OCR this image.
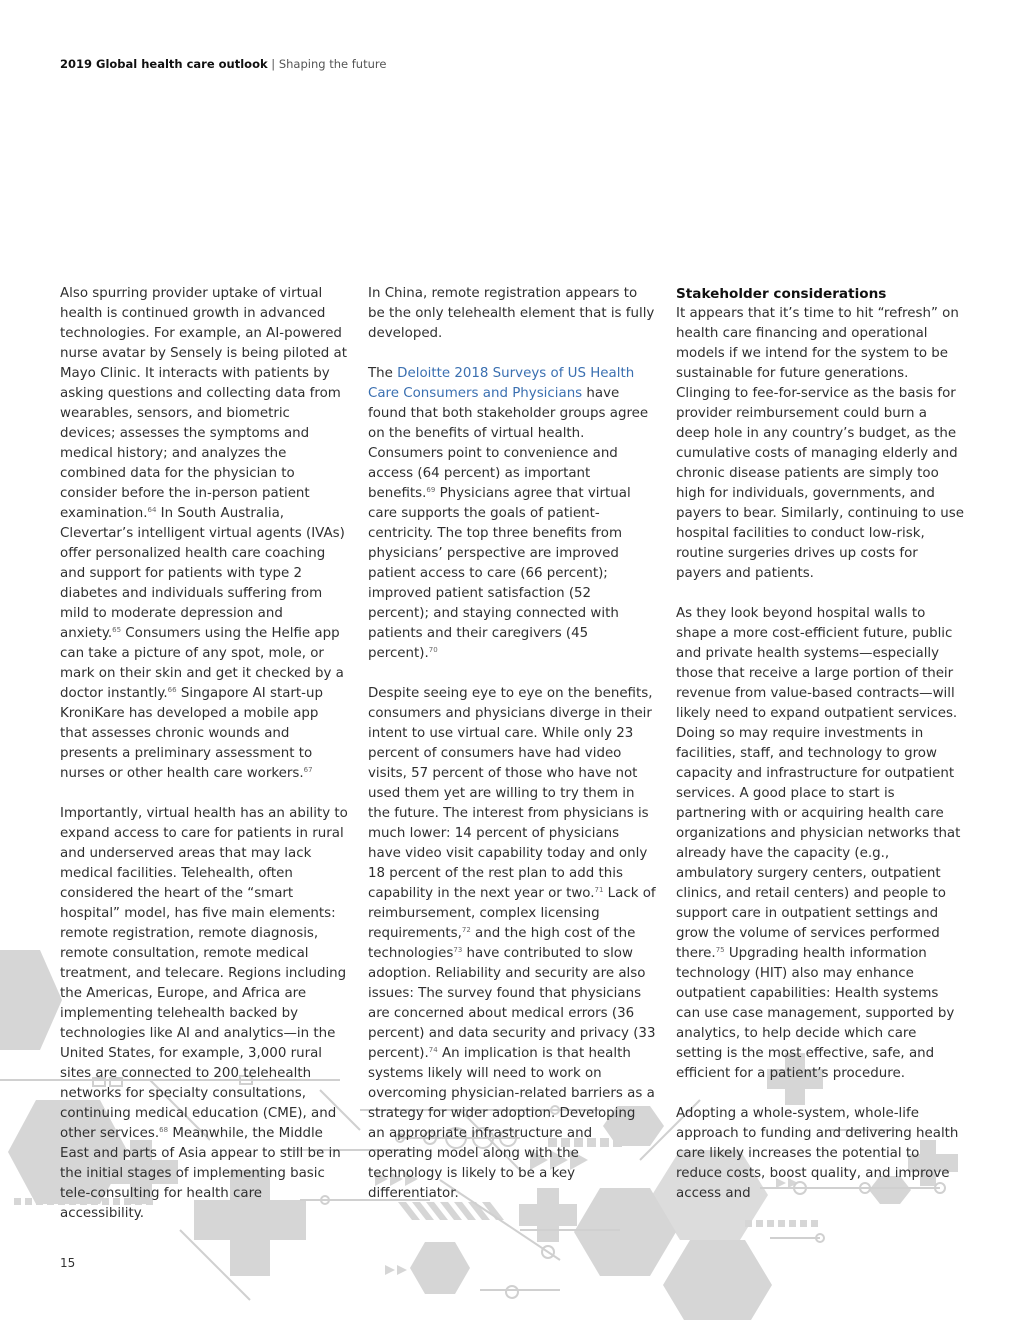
2019 Global health care outlook | Shaping the future

Also spurring provider uptake of virtual health is continued growth in advanced technologies. For example, an AI-powered nurse avatar by Sensely is being piloted at Mayo Clinic. It interacts with patients by asking questions and collecting data from wearables, sensors, and biometric devices; assesses the symptoms and medical history; and analyzes the combined data for the physician to consider before the in-person patient examination.$^{64}$ In South Australia, Clevertar’s intelligent virtual agents (IVAs) offer personalized health care coaching and support for patients with type 2 diabetes and individuals suffering from mild to moderate depression and anxiety.$^{65}$ Consumers using the Helfie app can take a picture of any spot, mole, or mark on their skin and get it checked by a doctor instantly.$^{66}$ Singapore AI start-up KroniKare has developed a mobile app that assesses chronic wounds and presents a preliminary assessment to nurses or other health care workers.$^{67}$

Importantly, virtual health has an ability to expand access to care for patients in rural and underserved areas that may lack medical facilities. Telehealth, often considered the heart of the “smart hospital” model, has five main elements: remote registration, remote diagnosis, remote consultation, remote medical treatment, and telecare. Regions including the Americas, Europe, and Africa are implementing telehealth backed by technologies like AI and analytics—in the United States, for example, 3,000 rural sites are connected to 200 telehealth networks for specialty consultations, continuing medical education (CME), and other services.$^{68}$ Meanwhile, the Middle East and parts of Asia appear to still be in the initial stages of implementing basic tele-consulting for health care accessibility.

In China, remote registration appears to be the only telehealth element that is fully developed.

The Deloitte 2018 Surveys of US Health Care Consumers and Physicians have found that both stakeholder groups agree on the benefits of virtual health. Consumers point to convenience and access (64 percent) as important benefits.$^{69}$ Physicians agree that virtual care supports the goals of patient-centricity. The top three benefits from physicians’ perspective are improved patient access to care (66 percent); improved patient satisfaction (52 percent); and staying connected with patients and their caregivers (45 percent).$^{70}$

Despite seeing eye to eye on the benefits, consumers and physicians diverge in their intent to use virtual care. While only 23 percent of consumers have had video visits, 57 percent of those who have not used them yet are willing to try them in the future. The interest from physicians is much lower: 14 percent of physicians have video visit capability today and only 18 percent of the rest plan to add this capability in the next year or two.$^{71}$ Lack of reimbursement, complex licensing requirements,$^{72}$ and the high cost of the technologies$^{73}$ have contributed to slow adoption. Reliability and security are also issues: The survey found that physicians are concerned about medical errors (36 percent) and data security and privacy (33 percent).$^{74}$ An implication is that health systems likely will need to work on overcoming physician-related barriers as a strategy for wider adoption. Developing an appropriate infrastructure and operating model along with the technology is likely to be a key differentiator.

Stakeholder considerations

It appears that it’s time to hit “refresh” on health care financing and operational models if we intend for the system to be sustainable for future generations. Clinging to fee-for-service as the basis for provider reimbursement could burn a deep hole in any country’s budget, as the cumulative costs of managing elderly and chronic disease patients are simply too high for individuals, governments, and payers to bear. Similarly, continuing to use hospital facilities to conduct low-risk, routine surgeries drives up costs for payers and patients.

As they look beyond hospital walls to shape a more cost-efficient future, public and private health systems—especially those that receive a large portion of their revenue from value-based contracts—will likely need to expand outpatient services. Doing so may require investments in facilities, staff, and technology to grow capacity and infrastructure for outpatient services. A good place to start is partnering with or acquiring health care organizations and physician networks that already have the capacity (e.g., ambulatory surgery centers, outpatient clinics, and retail centers) and people to support care in outpatient settings and grow the volume of services performed there.$^{75}$ Upgrading health information technology (HIT) also may enhance outpatient capabilities: Health systems can use case management, supported by analytics, to help decide which care setting is the most effective, safe, and efficient for a patient’s procedure.

Adopting a whole-system, whole-life approach to funding and delivering health care likely increases the potential to reduce costs, boost quality, and improve access and

15
